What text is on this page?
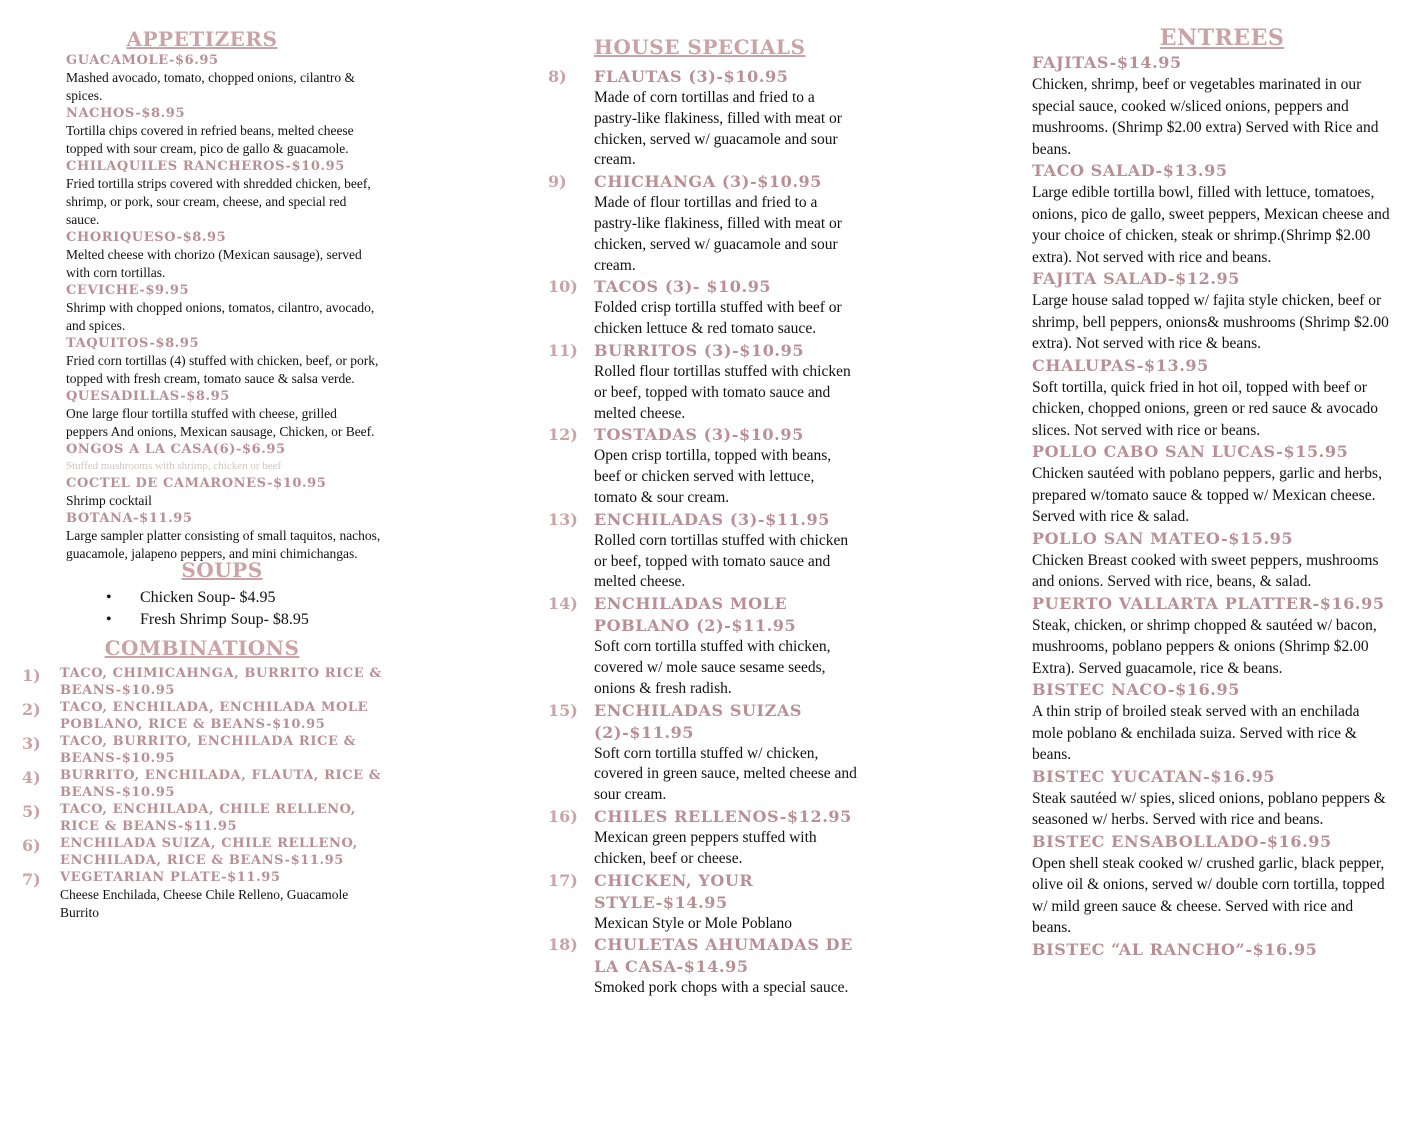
APPETIZERS
GUACAMOLE-$6.95
Mashed avocado, tomato, chopped onions, cilantro & spices.
NACHOS-$8.95
Tortilla chips covered in refried beans, melted cheese topped with sour cream, pico de gallo & guacamole.
CHILAQUILES RANCHEROS-$10.95
Fried tortilla strips covered with shredded chicken, beef, shrimp, or pork, sour cream, cheese, and special red sauce.
CHORIQUESO-$8.95
Melted cheese with chorizo (Mexican sausage), served with corn tortillas.
CEVICHE-$9.95
Shrimp with chopped onions, tomatos, cilantro, avocado, and spices.
TAQUITOS-$8.95
Fried corn tortillas (4) stuffed with chicken, beef, or pork, topped with fresh cream, tomato sauce & salsa verde.
QUESADILLAS-$8.95
One large flour tortilla stuffed with cheese, grilled peppers And onions, Mexican sausage, Chicken, or Beef.
ONGOS A LA CASA(6)-$6.95
Stuffed mushrooms with shrimp, chicken or beef
COCTEL DE CAMARONES-$10.95
Shrimp cocktail
BOTANA-$11.95
Large sampler platter consisting of small taquitos, nachos, guacamole, jalapeno peppers, and mini chimichangas.
SOUPS
• Chicken Soup- $4.95
• Fresh Shrimp Soup- $8.95
COMBINATIONS
1)	TACO, CHIMICAHNGA, BURRITO RICE & BEANS-$10.95
2)	TACO, ENCHILADA, ENCHILADA MOLE POBLANO, RICE & BEANS-$10.95
3)	TACO, BURRITO, ENCHILADA RICE & BEANS-$10.95
4)	BURRITO, ENCHILADA, FLAUTA, RICE & BEANS-$10.95
5)	TACO, ENCHILADA, CHILE RELLENO, RICE & BEANS-$11.95
6)	ENCHILADA SUIZA, CHILE RELLENO, ENCHILADA, RICE & BEANS-$11.95
7)	VEGETARIAN PLATE-$11.95
Cheese Enchilada, Cheese Chile Relleno, Guacamole Burrito
HOUSE SPECIALS
8)	FLAUTAS (3)-$10.95
Made of corn tortillas and fried to a pastry-like flakiness, filled with meat or chicken, served w/ guacamole and sour cream.
9)	CHICHANGA (3)-$10.95
Made of flour tortillas and fried to a pastry-like flakiness, filled with meat or chicken, served w/ guacamole and sour cream.
10)	TACOS (3)- $10.95
Folded crisp tortilla stuffed with beef or chicken lettuce & red tomato sauce.
11)	BURRITOS (3)-$10.95
Rolled flour tortillas stuffed with chicken or beef, topped with tomato sauce and melted cheese.
12)	TOSTADAS (3)-$10.95
Open crisp tortilla, topped with beans, beef or chicken served with lettuce, tomato & sour cream.
13)	ENCHILADAS (3)-$11.95
Rolled corn tortillas stuffed with chicken or beef, topped with tomato sauce and melted cheese.
14)	ENCHILADAS MOLE POBLANO (2)-$11.95
Soft corn tortilla stuffed with chicken, covered w/ mole sauce sesame seeds, onions & fresh radish.
15)	ENCHILADAS SUIZAS (2)-$11.95
Soft corn tortilla stuffed w/ chicken, covered in green sauce, melted cheese and sour cream.
16)	CHILES RELLENOS-$12.95
Mexican green peppers stuffed with chicken, beef or cheese.
17)	CHICKEN, YOUR STYLE-$14.95
Mexican Style or Mole Poblano
18)	CHULETAS AHUMADAS DE LA CASA-$14.95
Smoked pork chops with a special sauce.
ENTREES
FAJITAS-$14.95
Chicken, shrimp, beef or vegetables marinated in our special sauce, cooked w/sliced onions, peppers and mushrooms. (Shrimp $2.00 extra) Served with Rice and beans.
TACO SALAD-$13.95
Large edible tortilla bowl, filled with lettuce, tomatoes, onions, pico de gallo, sweet peppers, Mexican cheese and your choice of chicken, steak or shrimp.(Shrimp $2.00 extra). Not served with rice and beans.
FAJITA SALAD-$12.95
Large house salad topped w/ fajita style chicken, beef or shrimp, bell peppers, onions& mushrooms (Shrimp $2.00 extra). Not served with rice & beans.
CHALUPAS-$13.95
Soft tortilla, quick fried in hot oil, topped with beef or chicken, chopped onions, green or red sauce & avocado slices. Not served with rice or beans.
POLLO CABO SAN LUCAS-$15.95
Chicken sautéed with poblano peppers, garlic and herbs, prepared w/tomato sauce & topped w/ Mexican cheese. Served with rice & salad.
POLLO SAN MATEO-$15.95
Chicken Breast cooked with sweet peppers, mushrooms and onions. Served with rice, beans, & salad.
PUERTO VALLARTA PLATTER-$16.95
Steak, chicken, or shrimp chopped & sautéed w/ bacon, mushrooms, poblano peppers & onions (Shrimp $2.00 Extra). Served guacamole, rice & beans.
BISTEC NACO-$16.95
A thin strip of broiled steak served with an enchilada mole poblano & enchilada suiza. Served with rice & beans.
BISTEC YUCATAN-$16.95
Steak sautéed w/ spies, sliced onions, poblano peppers & seasoned w/ herbs. Served with rice and beans.
BISTEC ENSABOLLADO-$16.95
Open shell steak cooked w/ crushed garlic, black pepper, olive oil & onions, served w/ double corn tortilla, topped w/ mild green sauce & cheese. Served with rice and beans.
BISTEC “AL RANCHO”-$16.95
